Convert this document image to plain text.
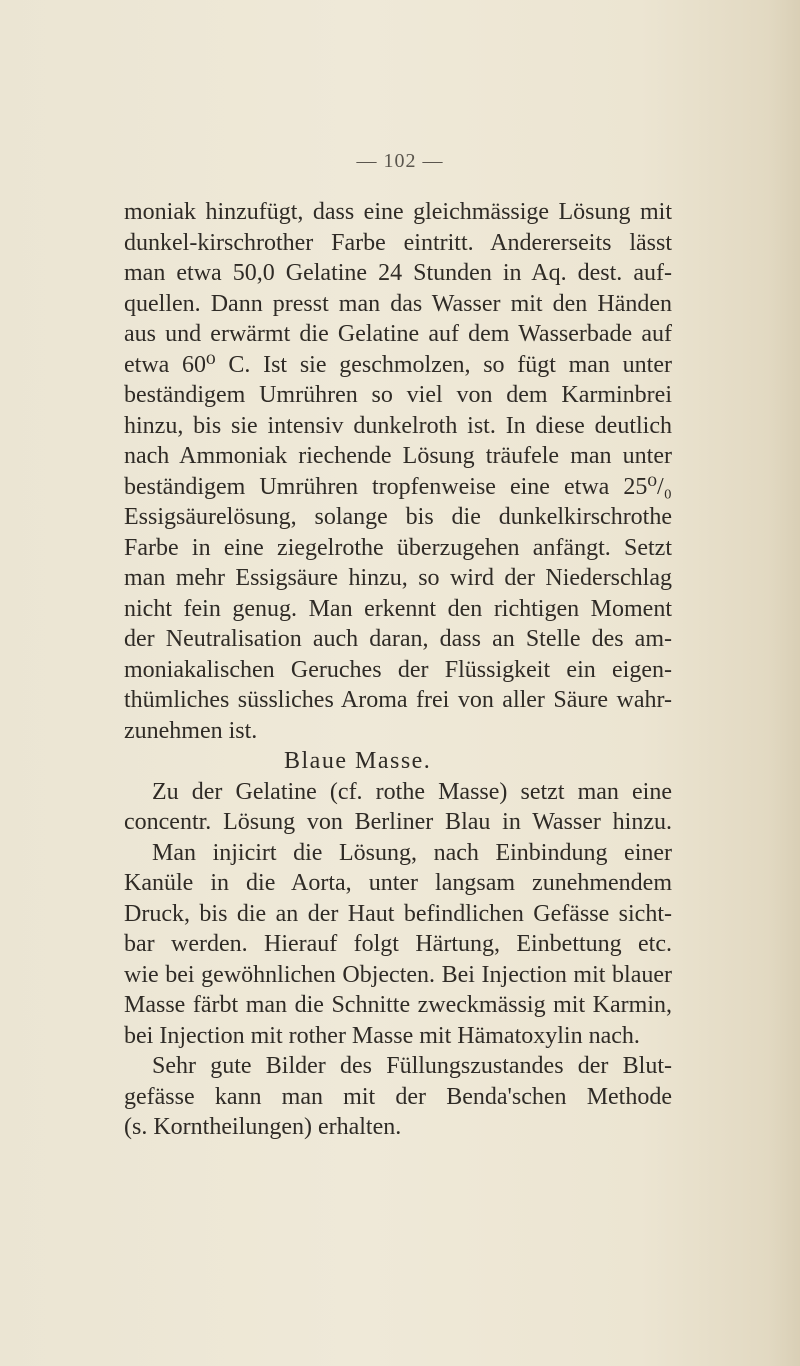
— 102 —
moniak hinzufügt, dass eine gleichmässige Lösung mit
dunkel-kirschrother Farbe eintritt. Andererseits lässt
man etwa 50,0 Gelatine 24 Stunden in Aq. dest. auf-
quellen. Dann presst man das Wasser mit den Händen
aus und erwärmt die Gelatine auf dem Wasserbade auf
etwa 60⁰ C. Ist sie geschmolzen, so fügt man unter
beständigem Umrühren so viel von dem Karminbrei
hinzu, bis sie intensiv dunkelroth ist. In diese deutlich
nach Ammoniak riechende Lösung träufele man unter
beständigem Umrühren tropfenweise eine etwa 25⁰/₀
Essigsäurelösung, solange bis die dunkelkirschrothe
Farbe in eine ziegelrothe überzugehen anfängt. Setzt
man mehr Essigsäure hinzu, so wird der Niederschlag
nicht fein genug. Man erkennt den richtigen Moment
der Neutralisation auch daran, dass an Stelle des am-
moniakalischen Geruches der Flüssigkeit ein eigen-
thümliches süssliches Aroma frei von aller Säure wahr-
zunehmen ist.
Blaue Masse.
Zu der Gelatine (cf. rothe Masse) setzt man eine
concentr. Lösung von Berliner Blau in Wasser hinzu.
Man injicirt die Lösung, nach Einbindung einer
Kanüle in die Aorta, unter langsam zunehmendem
Druck, bis die an der Haut befindlichen Gefässe sicht-
bar werden. Hierauf folgt Härtung, Einbettung etc.
wie bei gewöhnlichen Objecten. Bei Injection mit blauer
Masse färbt man die Schnitte zweckmässig mit Karmin,
bei Injection mit rother Masse mit Hämatoxylin nach.
Sehr gute Bilder des Füllungszustandes der Blut-
gefässe kann man mit der Benda'schen Methode
(s. Korntheilungen) erhalten.
